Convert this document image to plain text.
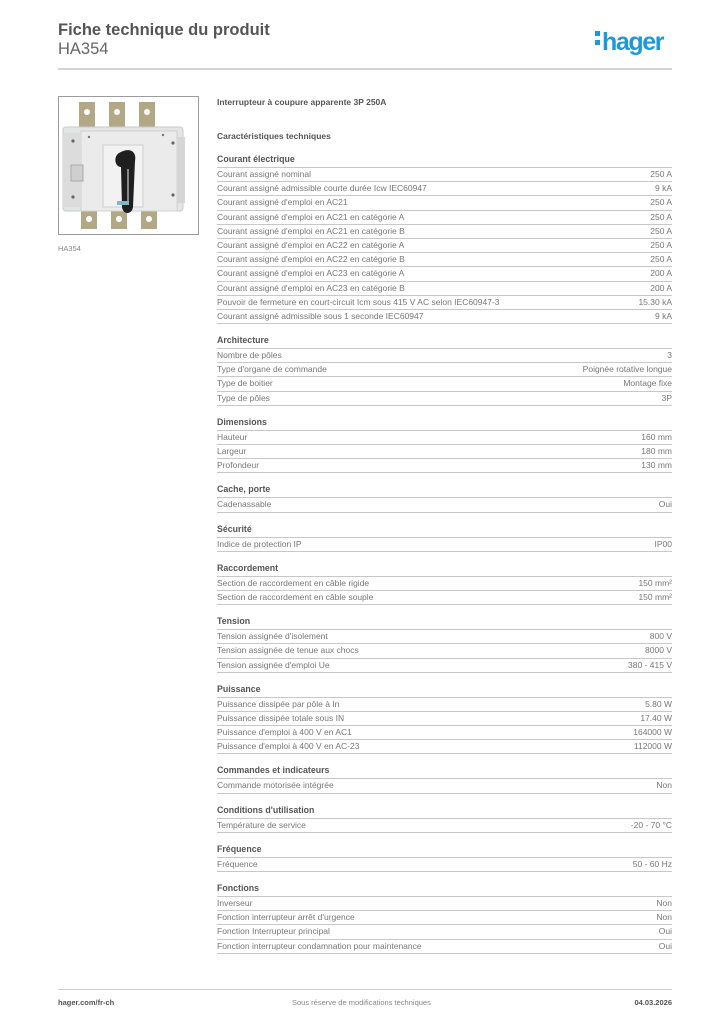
Fiche technique du produit
HA354	hager
HA354
Interrupteur à coupure apparente 3P 250A
Caractéristiques techniques
Courant électrique
Courant assigné nominal	250 A
Courant assigné admissible courte durée Icw IEC60947	9 kA
Courant assigné d'emploi en AC21	250 A
Courant assigné d'emploi en AC21 en catégorie A	250 A
Courant assigné d'emploi en AC21 en catégorie B	250 A
Courant assigné d'emploi en AC22 en catégorie A	250 A
Courant assigné d'emploi en AC22 en catégorie B	250 A
Courant assigné d'emploi en AC23 en catégorie A	200 A
Courant assigné d'emploi en AC23 en catégorie B	200 A
Pouvoir de fermeture en court-circuit Icm sous 415 V AC selon IEC60947-3	15.30 kA
Courant assigné admissible sous 1 seconde IEC60947	9 kA
Architecture
Nombre de pôles	3
Type d'organe de commande	Poignée rotative longue
Type de boitier	Montage fixe
Type de pôles	3P
Dimensions
Hauteur	160 mm
Largeur	180 mm
Profondeur	130 mm
Cache, porte
Cadenassable	Oui
Sécurité
Indice de protection IP	IP00
Raccordement
Section de raccordement en câble rigide	150 mm²
Section de raccordement en câble souple	150 mm²
Tension
Tension assignée d'isolement	800 V
Tension assignée de tenue aux chocs	8000 V
Tension assignée d'emploi Ue	380 - 415 V
Puissance
Puissance dissipée par pôle à In	5.80 W
Puissance dissipée totale sous IN	17.40 W
Puissance d'emploi à 400 V en AC1	164000 W
Puissance d'emploi à 400 V en AC-23	112000 W
Commandes et indicateurs
Commande motorisée intégrée	Non
Conditions d'utilisation
Température de service	-20 - 70 °C
Fréquence
Fréquence	50 - 60 Hz
Fonctions
Inverseur	Non
Fonction interrupteur arrêt d'urgence	Non
Fonction Interrupteur principal	Oui
Fonction interrupteur condamnation pour maintenance	Oui
hager.com/fr-ch	Sous réserve de modifications techniques	04.03.2026
